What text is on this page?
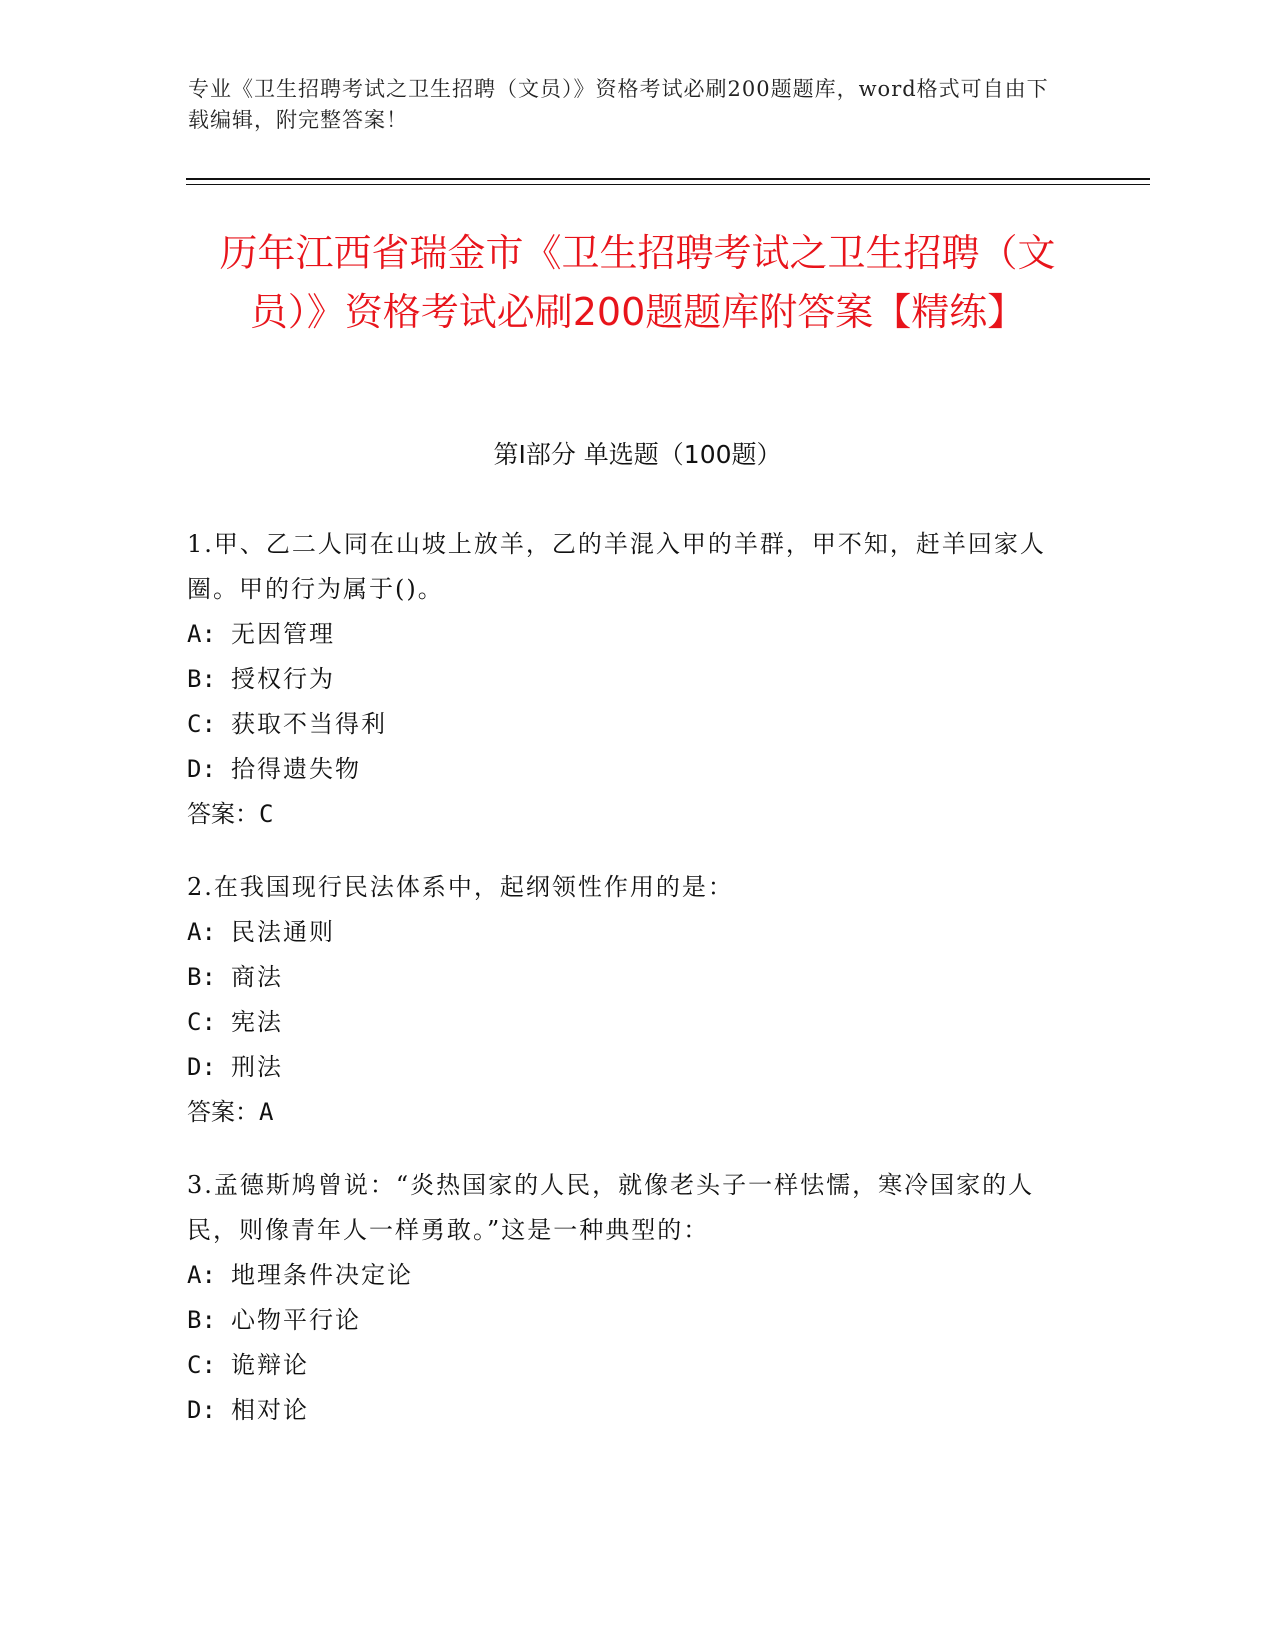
专业《卫生招聘考试之卫生招聘（文员）》资格考试必刷200题题库，word格式可自由下载编辑，附完整答案！
历年江西省瑞金市《卫生招聘考试之卫生招聘（文员）》资格考试必刷200题题库附答案【精练】
第Ⅰ部分 单选题（100题）
1.甲、乙二人同在山坡上放羊，乙的羊混入甲的羊群，甲不知，赶羊回家人圈。甲的行为属于()。
A: 无因管理
B: 授权行为
C: 获取不当得利
D: 拾得遗失物
答案：C
2.在我国现行民法体系中，起纲领性作用的是：
A: 民法通则
B: 商法
C: 宪法
D: 刑法
答案：A
3.孟德斯鸠曾说：“炎热国家的人民，就像老头子一样怯懦，寒冷国家的人民，则像青年人一样勇敢。”这是一种典型的：
A: 地理条件决定论
B: 心物平行论
C: 诡辩论
D: 相对论
